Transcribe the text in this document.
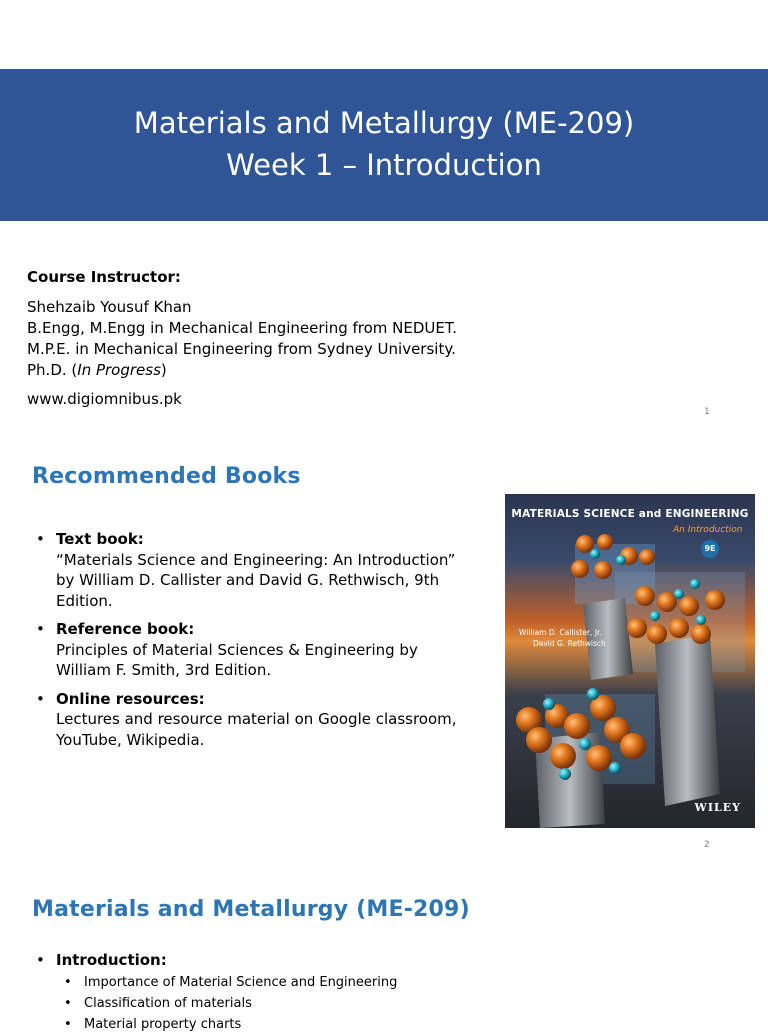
Materials and Metallurgy (ME-209)
Week 1 – Introduction
Course Instructor:
Shehzaib Yousuf Khan
B.Engg, M.Engg in Mechanical Engineering from NEDUET.
M.P.E. in Mechanical Engineering from Sydney University.
Ph.D. (In Progress)
www.digiomnibus.pk
1
Recommended Books
• Text book:
“Materials Science and Engineering: An Introduction”
by William D. Callister and David G. Rethwisch, 9th
Edition.
• Reference book:
Principles of Material Sciences & Engineering by
William F. Smith, 3rd Edition.
• Online resources:
Lectures and resource material on Google classroom,
YouTube, Wikipedia.
MATERIALS SCIENCE and ENGINEERING
An Introduction
9E
William D. Callister, Jr.
David G. Rethwisch
WILEY
2
Materials and Metallurgy (ME-209)
• Introduction:
• Importance of Material Science and Engineering
• Classification of materials
• Material property charts
